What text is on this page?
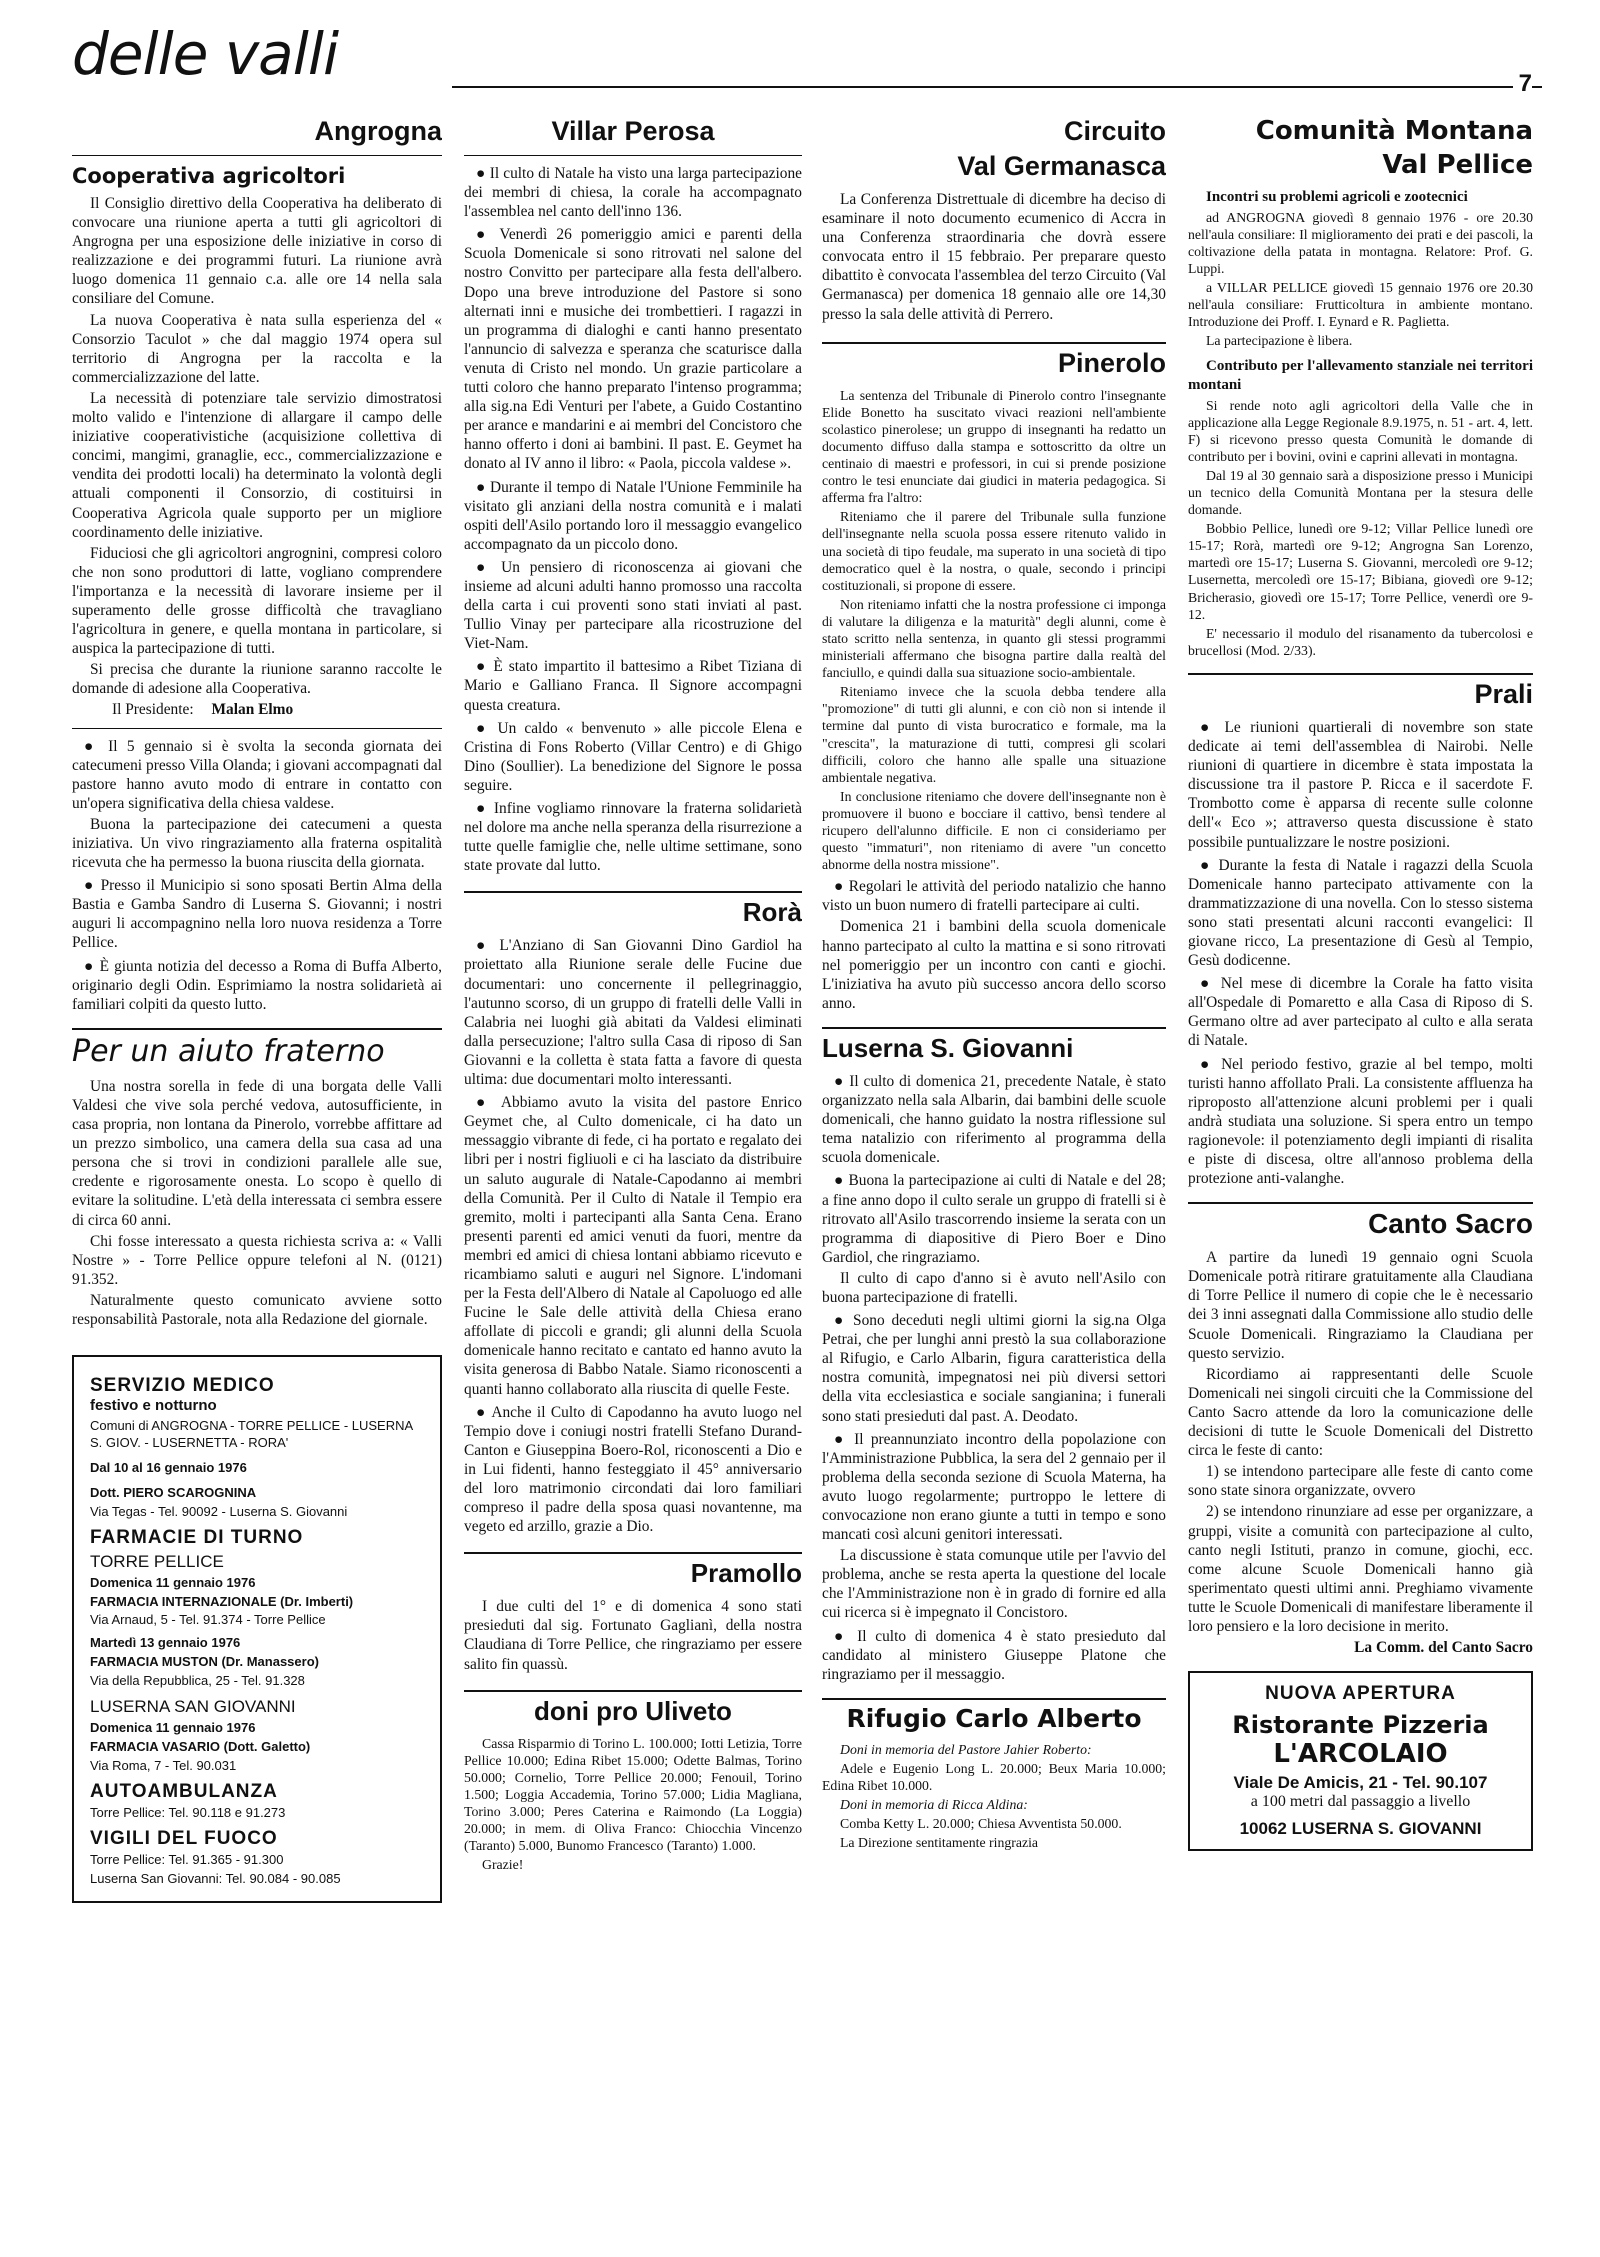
delle valli	7
Angrogna
Cooperativa agricoltori

Il Consiglio direttivo della Cooperativa ha deliberato di convocare una riunione aperta a tutti gli agricoltori di Angrogna per una esposizione delle iniziative in corso di realizzazione e dei programmi futuri. La riunione avrà luogo domenica 11 gennaio c.a. alle ore 14 nella sala consiliare del Comune.

La nuova Cooperativa è nata sulla esperienza del « Consorzio Taculot » che dal maggio 1974 opera sul territorio di Angrogna per la raccolta e la commercializzazione del latte.

La necessità di potenziare tale servizio dimostratosi molto valido e l'intenzione di allargare il campo delle iniziative cooperativistiche (acquisizione collettiva di concimi, mangimi, granaglie, ecc., commercializzazione e vendita dei prodotti locali) ha determinato la volontà degli attuali componenti il Consorzio, di costituirsi in Cooperativa Agricola quale supporto per un migliore coordinamento delle iniziative.

Fiduciosi che gli agricoltori angrognini, compresi coloro che non sono produttori di latte, vogliano comprendere l'importanza e la necessità di lavorare insieme per il superamento delle grosse difficoltà che travagliano l'agricoltura in genere, e quella montana in particolare, si auspica la partecipazione di tutti.

Si precisa che durante la riunione saranno raccolte le domande di adesione alla Cooperativa.

Il Presidente: Malan Elmo

● Il 5 gennaio si è svolta la seconda giornata dei catecumeni presso Villa Olanda; i giovani accompagnati dal pastore hanno avuto modo di entrare in contatto con un'opera significativa della chiesa valdese.

Buona la partecipazione dei catecumeni a questa iniziativa. Un vivo ringraziamento alla fraterna ospitalità ricevuta che ha permesso la buona riuscita della giornata.

● Presso il Municipio si sono sposati Bertin Alma della Bastia e Gamba Sandro di Luserna S. Giovanni; i nostri auguri li accompagnino nella loro nuova residenza a Torre Pellice.

● È giunta notizia del decesso a Roma di Buffa Alberto, originario degli Odin. Esprimiamo la nostra solidarietà ai familiari colpiti da questo lutto.

Per un aiuto fraterno

Una nostra sorella in fede di una borgata delle Valli Valdesi che vive sola perché vedova, autosufficiente, in casa propria, non lontana da Pinerolo, vorrebbe affittare ad un prezzo simbolico, una camera della sua casa ad una persona che si trovi in condizioni parallele alle sue, credente e rigorosamente onesta. Lo scopo è quello di evitare la solitudine. L'età della interessata ci sembra essere di circa 60 anni.

Chi fosse interessato a questa richiesta scriva a: « Valli Nostre » - Torre Pellice oppure telefoni al N. (0121) 91.352.

Naturalmente questo comunicato avviene sotto responsabilità Pastorale, nota alla Redazione del giornale.

SERVIZIO MEDICO
festivo e notturno

Comuni di ANGROGNA - TORRE PELLICE - LUSERNA S. GIOV. - LUSERNETTA - RORA'

Dal 10 al 16 gennaio 1976

Dott. PIERO SCAROGNINA

Via Tegas - Tel. 90092 - Luserna S. Giovanni

FARMACIE DI TURNO

TORRE PELLICE

Domenica 11 gennaio 1976

FARMACIA INTERNAZIONALE (Dr. Imberti)

Via Arnaud, 5 - Tel. 91.374 - Torre Pellice

Martedì 13 gennaio 1976

FARMACIA MUSTON (Dr. Manassero)

Via della Repubblica, 25 - Tel. 91.328

LUSERNA SAN GIOVANNI

Domenica 11 gennaio 1976

FARMACIA VASARIO (Dott. Galetto)

Via Roma, 7 - Tel. 90.031

AUTOAMBULANZA

Torre Pellice: Tel. 90.118 e 91.273

VIGILI DEL FUOCO

Torre Pellice: Tel. 91.365 - 91.300

Luserna San Giovanni: Tel. 90.084 - 90.085

Villar Perosa

● Il culto di Natale ha visto una larga partecipazione dei membri di chiesa, la corale ha accompagnato l'assemblea nel canto dell'inno 136.

● Venerdì 26 pomeriggio amici e parenti della Scuola Domenicale si sono ritrovati nel salone del nostro Convitto per partecipare alla festa dell'albero. Dopo una breve introduzione del Pastore si sono alternati inni e musiche dei trombettieri. I ragazzi in un programma di dialoghi e canti hanno presentato l'annuncio di salvezza e speranza che scaturisce dalla venuta di Cristo nel mondo. Un grazie particolare a tutti coloro che hanno preparato l'intenso programma; alla sig.na Edi Venturi per l'abete, a Guido Costantino per arance e mandarini e ai membri del Concistoro che hanno offerto i doni ai bambini. Il past. E. Geymet ha donato al IV anno il libro: « Paola, piccola valdese ».

● Durante il tempo di Natale l'Unione Femminile ha visitato gli anziani della nostra comunità e i malati ospiti dell'Asilo portando loro il messaggio evangelico accompagnato da un piccolo dono.

● Un pensiero di riconoscenza ai giovani che insieme ad alcuni adulti hanno promosso una raccolta della carta i cui proventi sono stati inviati al past. Tullio Vinay per partecipare alla ricostruzione del Viet-Nam.

● È stato impartito il battesimo a Ribet Tiziana di Mario e Galliano Franca. Il Signore accompagni questa creatura.

● Un caldo « benvenuto » alle piccole Elena e Cristina di Fons Roberto (Villar Centro) e di Ghigo Dino (Soullier). La benedizione del Signore le possa seguire.

● Infine vogliamo rinnovare la fraterna solidarietà nel dolore ma anche nella speranza della risurrezione a tutte quelle famiglie che, nelle ultime settimane, sono state provate dal lutto.

Rorà

● L'Anziano di San Giovanni Dino Gardiol ha proiettato alla Riunione serale delle Fucine due documentari: uno concernente il pellegrinaggio, l'autunno scorso, di un gruppo di fratelli delle Valli in Calabria nei luoghi già abitati da Valdesi eliminati dalla persecuzione; l'altro sulla Casa di riposo di San Giovanni e la colletta è stata fatta a favore di questa ultima: due documentari molto interessanti.

● Abbiamo avuto la visita del pastore Enrico Geymet che, al Culto domenicale, ci ha dato un messaggio vibrante di fede, ci ha portato e regalato dei libri per i nostri figliuoli e ci ha lasciato da distribuire un saluto augurale di Natale-Capodanno ai membri della Comunità. Per il Culto di Natale il Tempio era gremito, molti i partecipanti alla Santa Cena. Erano presenti parenti ed amici venuti da fuori, mentre da membri ed amici di chiesa lontani abbiamo ricevuto e ricambiamo saluti e auguri nel Signore. L'indomani per la Festa dell'Albero di Natale al Capoluogo ed alle Fucine le Sale delle attività della Chiesa erano affollate di piccoli e grandi; gli alunni della Scuola domenicale hanno recitato e cantato ed hanno avuto la visita generosa di Babbo Natale. Siamo riconoscenti a quanti hanno collaborato alla riuscita di quelle Feste.

● Anche il Culto di Capodanno ha avuto luogo nel Tempio dove i coniugi nostri fratelli Stefano Durand-Canton e Giuseppina Boero-Rol, riconoscenti a Dio e in Lui fidenti, hanno festeggiato il 45° anniversario del loro matrimonio circondati dai loro familiari compreso il padre della sposa quasi novantenne, ma vegeto ed arzillo, grazie a Dio.

Pramollo

I due culti del 1° e di domenica 4 sono stati presieduti dal sig. Fortunato Gaglianì, della nostra Claudiana di Torre Pellice, che ringraziamo per essere salito fin quassù.

doni pro Uliveto

Cassa Risparmio di Torino L. 100.000; Iotti Letizia, Torre Pellice 10.000; Edina Ribet 15.000; Odette Balmas, Torino 50.000; Cornelio, Torre Pellice 20.000; Fenouil, Torino 1.500; Loggia Accademia, Torino 57.000; Lidia Magliana, Torino 3.000; Peres Caterina e Raimondo (La Loggia) 20.000; in mem. di Oliva Franco: Chiocchia Vincenzo (Taranto) 5.000, Bunomo Francesco (Taranto) 1.000.

Grazie!

Circuito
Val Germanasca

La Conferenza Distrettuale di dicembre ha deciso di esaminare il noto documento ecumenico di Accra in una Conferenza straordinaria che dovrà essere convocata entro il 15 febbraio. Per preparare questo dibattito è convocata l'assemblea del terzo Circuito (Val Germanasca) per domenica 18 gennaio alle ore 14,30 presso la sala delle attività di Perrero.

Pinerolo

La sentenza del Tribunale di Pinerolo contro l'insegnante Elide Bonetto ha suscitato vivaci reazioni nell'ambiente scolastico pinerolese; un gruppo di insegnanti ha redatto un documento diffuso dalla stampa e sottoscritto da oltre un centinaio di maestri e professori, in cui si prende posizione contro le tesi enunciate dai giudici in materia pedagogica. Si afferma fra l'altro:

Riteniamo che il parere del Tribunale sulla funzione dell'insegnante nella scuola possa essere ritenuto valido in una società di tipo feudale, ma superato in una società di tipo democratico quel è la nostra, o quale, secondo i principi costituzionali, si propone di essere.

Non riteniamo infatti che la nostra professione ci imponga di valutare la diligenza e la maturità" degli alunni, come è stato scritto nella sentenza, in quanto gli stessi programmi ministeriali affermano che bisogna partire dalla realtà del fanciullo, e quindi dalla sua situazione socio-ambientale.

Riteniamo invece che la scuola debba tendere alla "promozione" di tutti gli alunni, e con ciò non si intende il termine dal punto di vista burocratico e formale, ma la "crescita", la maturazione di tutti, compresi gli scolari difficili, coloro che hanno alle spalle una situazione ambientale negativa.

In conclusione riteniamo che dovere dell'insegnante non è promuovere il buono e bocciare il cattivo, bensì tendere al ricupero dell'alunno difficile. E non ci consideriamo per questo "immaturi", non riteniamo di avere "un concetto abnorme della nostra missione".

● Regolari le attività del periodo natalizio che hanno visto un buon numero di fratelli partecipare ai culti.

Domenica 21 i bambini della scuola domenicale hanno partecipato al culto la mattina e si sono ritrovati nel pomeriggio per un incontro con canti e giochi. L'iniziativa ha avuto più successo ancora dello scorso anno.

Luserna S. Giovanni

● Il culto di domenica 21, precedente Natale, è stato organizzato nella sala Albarin, dai bambini delle scuole domenicali, che hanno guidato la nostra riflessione sul tema natalizio con riferimento al programma della scuola domenicale.

● Buona la partecipazione ai culti di Natale e del 28; a fine anno dopo il culto serale un gruppo di fratelli si è ritrovato all'Asilo trascorrendo insieme la serata con un programma di diapositive di Piero Boer e Dino Gardiol, che ringraziamo.

Il culto di capo d'anno si è avuto nell'Asilo con buona partecipazione di fratelli.

● Sono deceduti negli ultimi giorni la sig.na Olga Petrai, che per lunghi anni prestò la sua collaborazione al Rifugio, e Carlo Albarin, figura caratteristica della nostra comunità, impegnatosi nei più diversi settori della vita ecclesiastica e sociale sangianina; i funerali sono stati presieduti dal past. A. Deodato.

● Il preannunziato incontro della popolazione con l'Amministrazione Pubblica, la sera del 2 gennaio per il problema della seconda sezione di Scuola Materna, ha avuto luogo regolarmente; purtroppo le lettere di convocazione non erano giunte a tutti in tempo e sono mancati così alcuni genitori interessati.

La discussione è stata comunque utile per l'avvio del problema, anche se resta aperta la questione del locale che l'Amministrazione non è in grado di fornire ed alla cui ricerca si è impegnato il Concistoro.

● Il culto di domenica 4 è stato presieduto dal candidato al ministero Giuseppe Platone che ringraziamo per il messaggio.

Rifugio Carlo Alberto

Doni in memoria del Pastore Jahier Roberto:

Adele e Eugenio Long L. 20.000; Beux Maria 10.000; Edina Ribet 10.000.

Doni in memoria di Ricca Aldina:

Comba Ketty L. 20.000; Chiesa Avventista 50.000.

La Direzione sentitamente ringrazia

Comunità Montana
Val Pellice

Incontri su problemi agricoli e zootecnici

ad ANGROGNA giovedì 8 gennaio 1976 - ore 20.30 nell'aula consiliare: Il miglioramento dei prati e dei pascoli, la coltivazione della patata in montagna. Relatore: Prof. G. Luppi.

a VILLAR PELLICE giovedì 15 gennaio 1976 ore 20.30 nell'aula consiliare: Frutticoltura in ambiente montano. Introduzione dei Proff. I. Eynard e R. Paglietta.

La partecipazione è libera.

Contributo per l'allevamento stanziale nei territori montani

Si rende noto agli agricoltori della Valle che in applicazione alla Legge Regionale 8.9.1975, n. 51 - art. 4, lett. F) si ricevono presso questa Comunità le domande di contributo per i bovini, ovini e caprini allevati in montagna.

Dal 19 al 30 gennaio sarà a disposizione presso i Municipi un tecnico della Comunità Montana per la stesura delle domande.

Bobbio Pellice, lunedì ore 9-12; Villar Pellice lunedì ore 15-17; Rorà, martedì ore 9-12; Angrogna San Lorenzo, martedì ore 15-17; Luserna S. Giovanni, mercoledì ore 9-12; Lusernetta, mercoledì ore 15-17; Bibiana, giovedì ore 9-12; Bricherasio, giovedì ore 15-17; Torre Pellice, venerdì ore 9-12.

E' necessario il modulo del risanamento da tubercolosi e brucellosi (Mod. 2/33).

Prali

● Le riunioni quartierali di novembre son state dedicate ai temi dell'assemblea di Nairobi. Nelle riunioni di quartiere in dicembre è stata impostata la discussione tra il pastore P. Ricca e il sacerdote F. Trombotto come è apparsa di recente sulle colonne dell'« Eco »; attraverso questa discussione è stato possibile puntualizzare le nostre posizioni.

● Durante la festa di Natale i ragazzi della Scuola Domenicale hanno partecipato attivamente con la drammatizzazione di una novella. Con lo stesso sistema sono stati presentati alcuni racconti evangelici: Il giovane ricco, La presentazione di Gesù al Tempio, Gesù dodicenne.

● Nel mese di dicembre la Corale ha fatto visita all'Ospedale di Pomaretto e alla Casa di Riposo di S. Germano oltre ad aver partecipato al culto e alla serata di Natale.

● Nel periodo festivo, grazie al bel tempo, molti turisti hanno affollato Prali. La consistente affluenza ha riproposto all'attenzione alcuni problemi per i quali andrà studiata una soluzione. Si spera entro un tempo ragionevole: il potenziamento degli impianti di risalita e piste di discesa, oltre all'annoso problema della protezione anti-valanghe.

Canto Sacro

A partire da lunedì 19 gennaio ogni Scuola Domenicale potrà ritirare gratuitamente alla Claudiana di Torre Pellice il numero di copie che le è necessario dei 3 inni assegnati dalla Commissione allo studio delle Scuole Domenicali. Ringraziamo la Claudiana per questo servizio.

Ricordiamo ai rappresentanti delle Scuole Domenicali nei singoli circuiti che la Commissione del Canto Sacro attende da loro la comunicazione delle decisioni di tutte le Scuole Domenicali del Distretto circa le feste di canto:

1) se intendono partecipare alle feste di canto come sono state sinora organizzate, ovvero

2) se intendono rinunziare ad esse per organizzare, a gruppi, visite a comunità con partecipazione al culto, canto negli Istituti, pranzo in comune, giochi, ecc. come alcune Scuole Domenicali hanno già sperimentato questi ultimi anni. Preghiamo vivamente tutte le Scuole Domenicali di manifestare liberamente il loro pensiero e la loro decisione in merito.

La Comm. del Canto Sacro

NUOVA APERTURA
Ristorante Pizzeria
L'ARCOLAIO
Viale De Amicis, 21 - Tel. 90.107
a 100 metri dal passaggio a livello
10062 LUSERNA S. GIOVANNI
